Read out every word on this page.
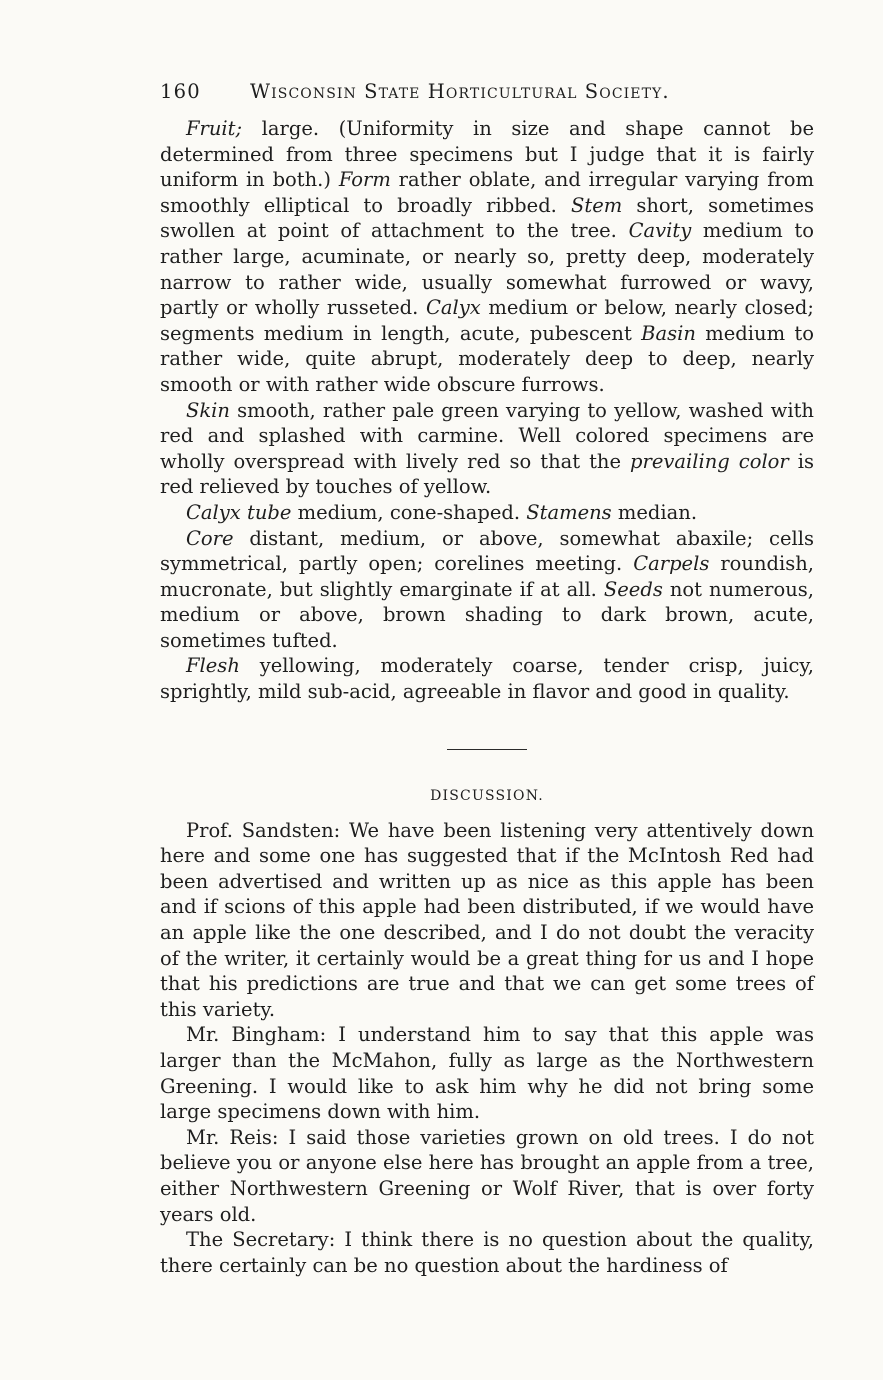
160	Wisconsin State Horticultural Society.

Fruit; large. (Uniformity in size and shape cannot be determined from three specimens but I judge that it is fairly uniform in both.) Form rather oblate, and irregular varying from smoothly elliptical to broadly ribbed. Stem short, sometimes swollen at point of attachment to the tree. Cavity medium to rather large, acuminate, or nearly so, pretty deep, moderately narrow to rather wide, usually somewhat furrowed or wavy, partly or wholly russeted. Calyx medium or below, nearly closed; segments medium in length, acute, pubescent Basin medium to rather wide, quite abrupt, moderately deep to deep, nearly smooth or with rather wide obscure furrows.

Skin smooth, rather pale green varying to yellow, washed with red and splashed with carmine. Well colored specimens are wholly overspread with lively red so that the prevailing color is red relieved by touches of yellow.

Calyx tube medium, cone-shaped. Stamens median.

Core distant, medium, or above, somewhat abaxile; cells symmetrical, partly open; corelines meeting. Carpels roundish, mucronate, but slightly emarginate if at all. Seeds not numerous, medium or above, brown shading to dark brown, acute, sometimes tufted.

Flesh yellowing, moderately coarse, tender crisp, juicy, sprightly, mild sub-acid, agreeable in flavor and good in quality.

DISCUSSION.

Prof. Sandsten: We have been listening very attentively down here and some one has suggested that if the McIntosh Red had been advertised and written up as nice as this apple has been and if scions of this apple had been distributed, if we would have an apple like the one described, and I do not doubt the veracity of the writer, it certainly would be a great thing for us and I hope that his predictions are true and that we can get some trees of this variety.

Mr. Bingham: I understand him to say that this apple was larger than the McMahon, fully as large as the Northwestern Greening. I would like to ask him why he did not bring some large specimens down with him.

Mr. Reis: I said those varieties grown on old trees. I do not believe you or anyone else here has brought an apple from a tree, either Northwestern Greening or Wolf River, that is over forty years old.

The Secretary: I think there is no question about the quality, there certainly can be no question about the hardiness of
